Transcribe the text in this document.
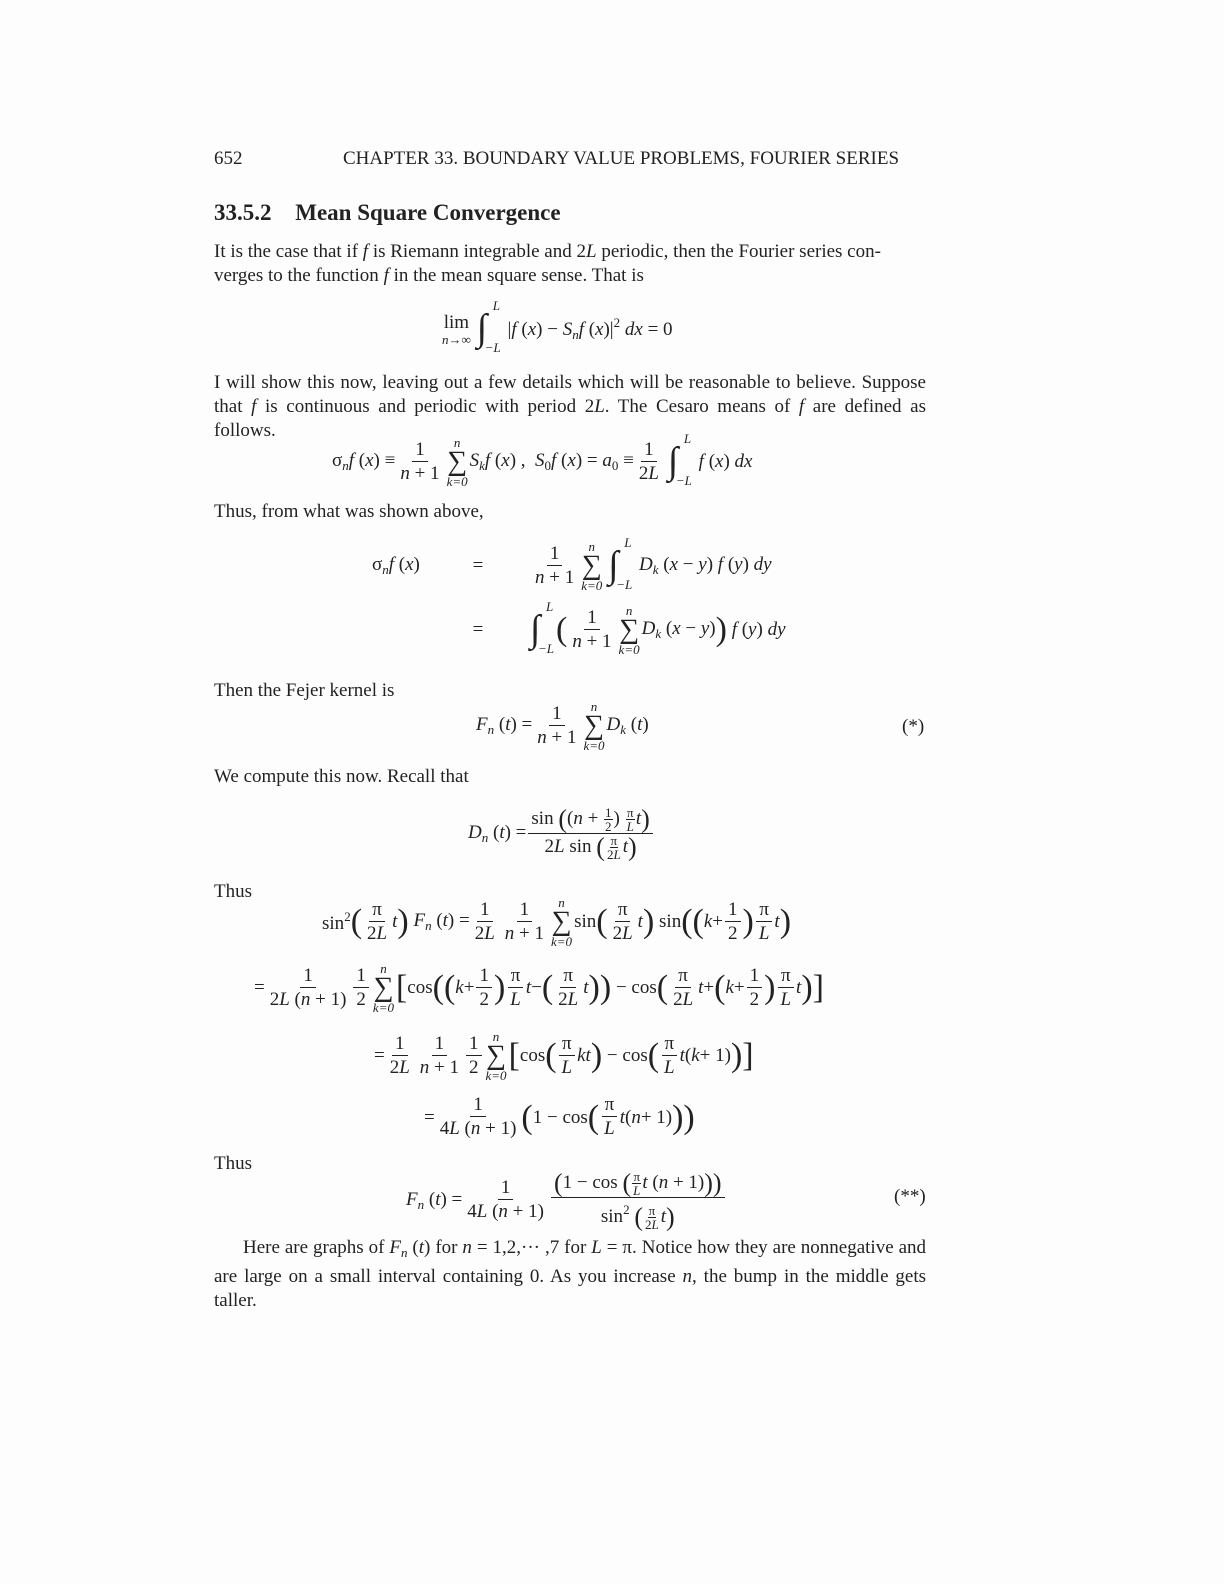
652	CHAPTER 33. BOUNDARY VALUE PROBLEMS, FOURIER SERIES
33.5.2 Mean Square Convergence
It is the case that if f is Riemann integrable and 2L periodic, then the Fourier series con-
verges to the function f in the mean square sense. That is
lim
n→∞ ∫
L
−L
|f $(x) - S_nf$ $(x)|^2$ dx = 0
I will show this now, leaving out a few details which will be reasonable to believe. Suppose that f is continuous and periodic with period 2L. The Cesaro means of f are defined as follows.
$\sigma_nf$ $(x) \equiv \frac{1}{n + 1}$ n
∑
k=0
$S_kf$ (x) ,  $S_0f$ $(x) = a_0 \equiv \frac{1}{2L}$ ∫
L
−L
f (x) dx
Thus, from what was shown above,
$\sigma_nf$ (x)	=	$\frac{1}{n + 1}$ n
∑
k=0 ∫
L
−L
$D_k$ (x − y) f (y) dy
=	∫
L
−L
( $\frac{1}{n + 1}$ n
∑
k=0
$D_k$ (x − y) ) f (y) dy
Then the Fejer kernel is
$F_n$ $(t) = \frac{1}{n + 1}$ n
∑
k=0
$D_k$ (t)	(*)
We compute this now. Recall that
$D_n$ $(t) = \frac{\sin ((n + \frac{1}{2} ) \frac{\pi}{L} t)}{2L \sin ( \frac{\pi}{2L} t)}$
Thus
$\sin^2$ ( $\frac{\pi}{2L}$ t ) $F_n$ $(t) = \frac{1}{2L} \frac{1}{n + 1}$ n
∑
k=0
sin ( $\frac{\pi}{2L}$ t ) sin (( $k + \frac{1}{2}$ ) $\frac{\pi}{L}$ t )
= $\frac{1}{2L (n + 1)} \frac{1}{2}$ n
∑
k=0
[ cos (( $k + \frac{1}{2}$ ) $\frac{\pi}{L}$ t − ( $\frac{\pi}{2L}$ t )) − cos ( $\frac{\pi}{2L}$ t + ( $k + \frac{1}{2}$ ) $\frac{\pi}{L}$ t )]
= $\frac{1}{2L} \frac{1}{n + 1} \frac{1}{2}$ n
∑
k=0
[ cos ( $\frac{\pi}{L}$ kt ) − cos ( $\frac{\pi}{L}$ t ( k + 1) )]
= $\frac{1}{4L (n + 1)}$ ( 1 − cos ( $\frac{\pi}{L}$ t ( n + 1) ))
Thus
$F_n$ $(t) = \frac{1}{4L (n + 1)} \frac{(1 - \cos ( \frac{\pi}{L} t (n + 1)))}{\sin^2 ( \frac{\pi}{2L} t)}$	(**)
Here are graphs of $F_n$ (t) for n = 1,2,··· ,7 for L = π. Notice how they are nonnegative and are large on a small interval containing 0. As you increase n, the bump in the middle gets taller.
